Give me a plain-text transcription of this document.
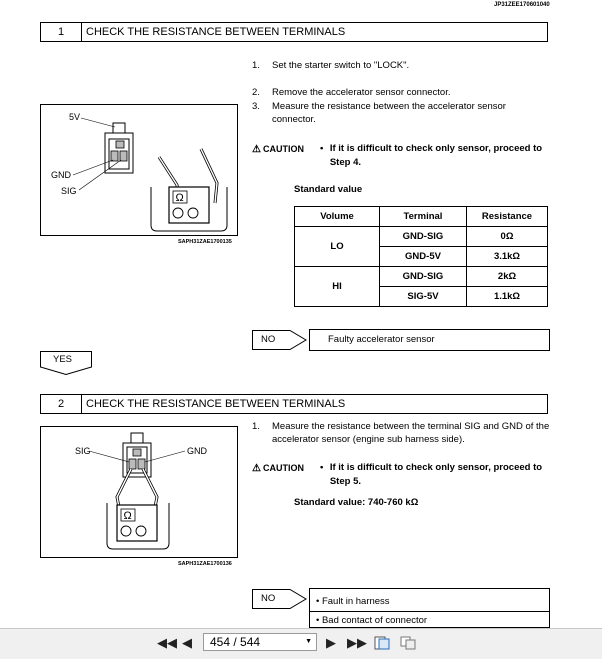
JP31ZEE170601040
1	CHECK THE RESISTANCE BETWEEN TERMINALS
Ω
5V
GND
SIG
SAPH31ZAE1700135
1. Set the starter switch to "LOCK".
2. Remove the accelerator sensor connector.
3.	Measure the resistance between the accelerator sensor connector.
⚠ CAUTION • If it is difficult to check only sensor, proceed to Step 4.
Standard value
Volume	Terminal	Resistance
LO	GND-SIG	0Ω
	GND-5V	3.1kΩ
HI	GND-SIG	2kΩ
	SIG-5V	1.1kΩ
NO	Faulty accelerator sensor
YES
2	CHECK THE RESISTANCE BETWEEN TERMINALS
Ω
SIG	GND
SAPH31ZAE1700136
1.	Measure the resistance between the terminal SIG and GND of the accelerator sensor (engine sub harness side).
⚠ CAUTION • If it is difficult to check only sensor, proceed to Step 5.
Standard value: 740-760 kΩ
NO	• Fault in harness
• Bad contact of connector
◀◀ ◀	454 / 544	▼ ▶ ▶▶
